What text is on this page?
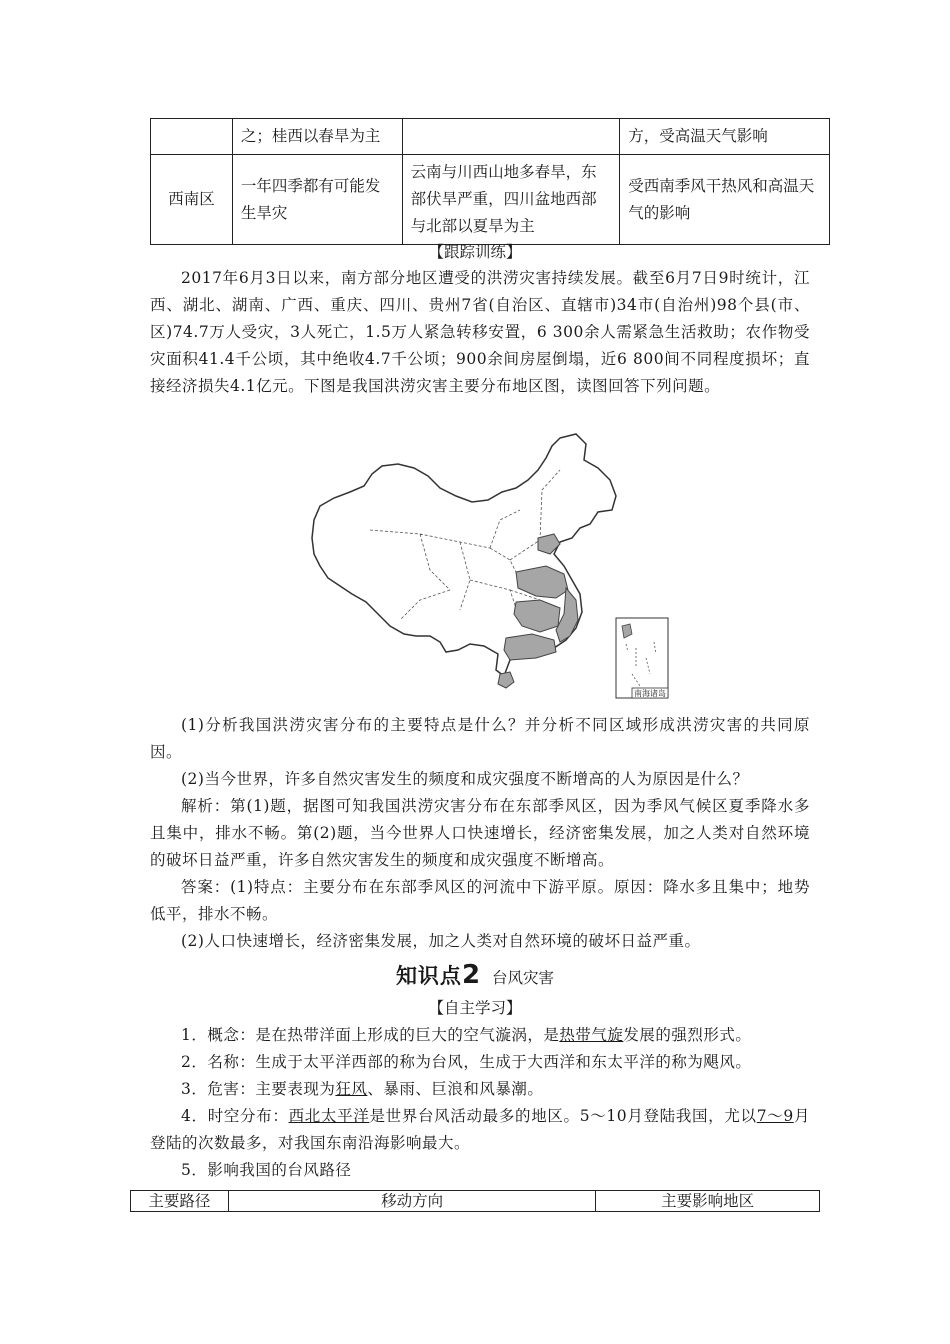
	之；桂西以春旱为主		方，受高温天气影响
西南区	一年四季都有可能发生旱灾	云南与川西山地多春旱，东部伏旱严重，四川盆地西部与北部以夏旱为主	受西南季风干热风和高温天气的影响
【跟踪训练】
2017年6月3日以来，南方部分地区遭受的洪涝灾害持续发展。截至6月7日9时统计，江西、湖北、湖南、广西、重庆、四川、贵州7省(自治区、直辖市)34市(自治州)98个县(市、区)74.7万人受灾，3人死亡，1.5万人紧急转移安置，6 300余人需紧急生活救助；农作物受灾面积41.4千公顷，其中绝收4.7千公顷；900余间房屋倒塌，近6 800间不同程度损坏；直接经济损失4.1亿元。下图是我国洪涝灾害主要分布地区图，读图回答下列问题。
南海诸岛
(1)分析我国洪涝灾害分布的主要特点是什么？并分析不同区域形成洪涝灾害的共同原因。
(2)当今世界，许多自然灾害发生的频度和成灾强度不断增高的人为原因是什么？
解析：第(1)题，据图可知我国洪涝灾害分布在东部季风区，因为季风气候区夏季降水多且集中，排水不畅。第(2)题，当今世界人口快速增长，经济密集发展，加之人类对自然环境的破坏日益严重，许多自然灾害发生的频度和成灾强度不断增高。
答案：(1)特点：主要分布在东部季风区的河流中下游平原。原因：降水多且集中；地势低平，排水不畅。
(2)人口快速增长，经济密集发展，加之人类对自然环境的破坏日益严重。
知识点2 台风灾害
【自主学习】
1．概念：是在热带洋面上形成的巨大的空气漩涡，是热带气旋发展的强烈形式。
2．名称：生成于太平洋西部的称为台风，生成于大西洋和东太平洋的称为飓风。
3．危害：主要表现为狂风、暴雨、巨浪和风暴潮。
4．时空分布：西北太平洋是世界台风活动最多的地区。5～10月登陆我国，尤以7～9月登陆的次数最多，对我国东南沿海影响最大。
5．影响我国的台风路径
主要路径	移动方向	主要影响地区
